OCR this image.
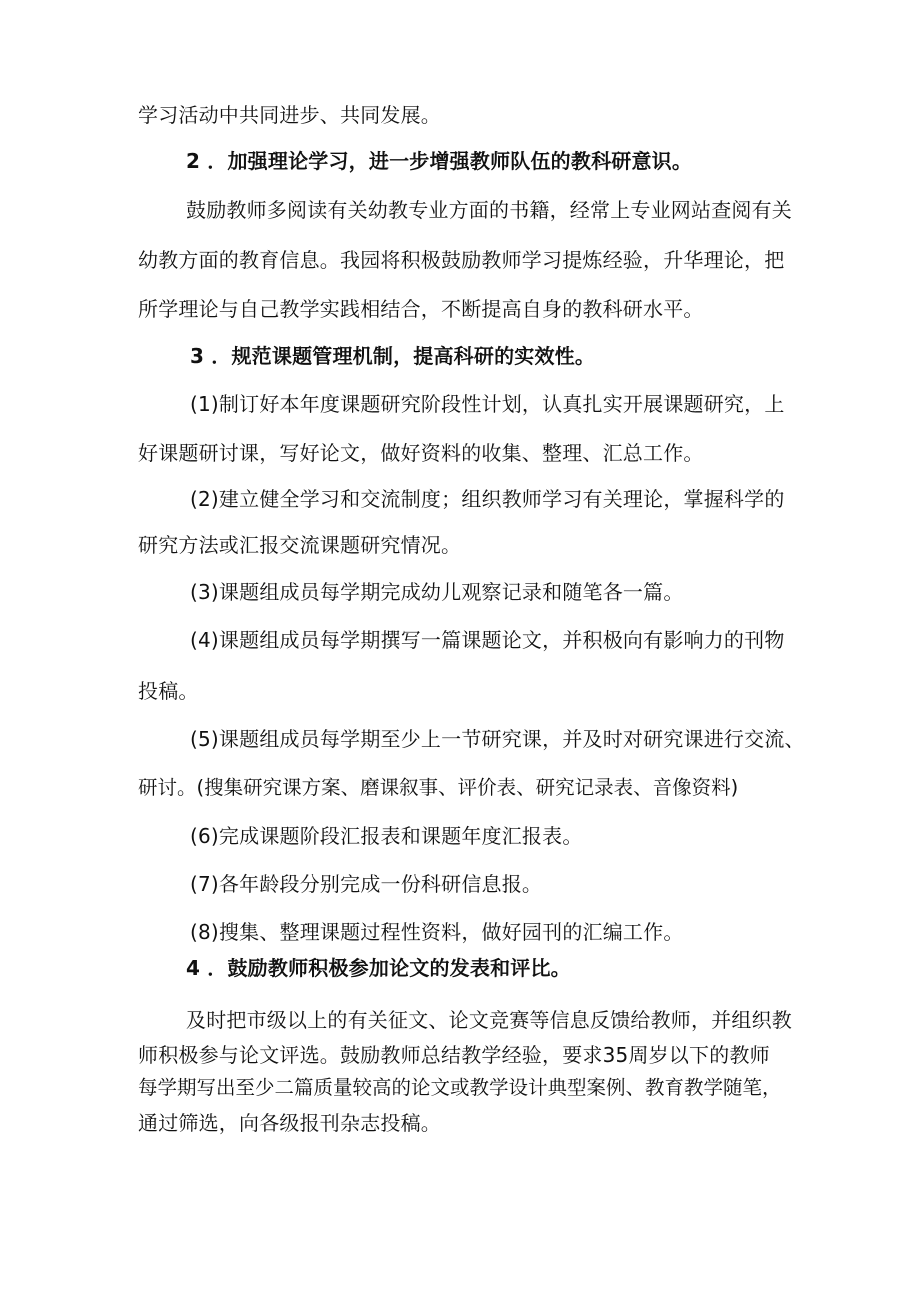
学习活动中共同进步、共同发展。
2 ．加强理论学习，进一步增强教师队伍的教科研意识。
鼓励教师多阅读有关幼教专业方面的书籍，经常上专业网站查阅有关
幼教方面的教育信息。我园将积极鼓励教师学习提炼经验，升华理论，把
所学理论与自己教学实践相结合，不断提高自身的教科研水平。
3 ．规范课题管理机制，提高科研的实效性。
(1)制订好本年度课题研究阶段性计划，认真扎实开展课题研究，上
好课题研讨课，写好论文，做好资料的收集、整理、汇总工作。
(2)建立健全学习和交流制度；组织教师学习有关理论，掌握科学的
研究方法或汇报交流课题研究情况。
(3)课题组成员每学期完成幼儿观察记录和随笔各一篇。
(4)课题组成员每学期撰写一篇课题论文，并积极向有影响力的刊物
投稿。
(5)课题组成员每学期至少上一节研究课，并及时对研究课进行交流、
研讨。(搜集研究课方案、磨课叙事、评价表、研究记录表、音像资料)
(6)完成课题阶段汇报表和课题年度汇报表。
(7)各年龄段分别完成一份科研信息报。
(8)搜集、整理课题过程性资料，做好园刊的汇编工作。
4 ．鼓励教师积极参加论文的发表和评比。
及时把市级以上的有关征文、论文竞赛等信息反馈给教师，并组织教
师积极参与论文评选。鼓励教师总结教学经验，要求35周岁以下的教师
每学期写出至少二篇质量较高的论文或教学设计典型案例、教育教学随笔，
通过筛选，向各级报刊杂志投稿。
